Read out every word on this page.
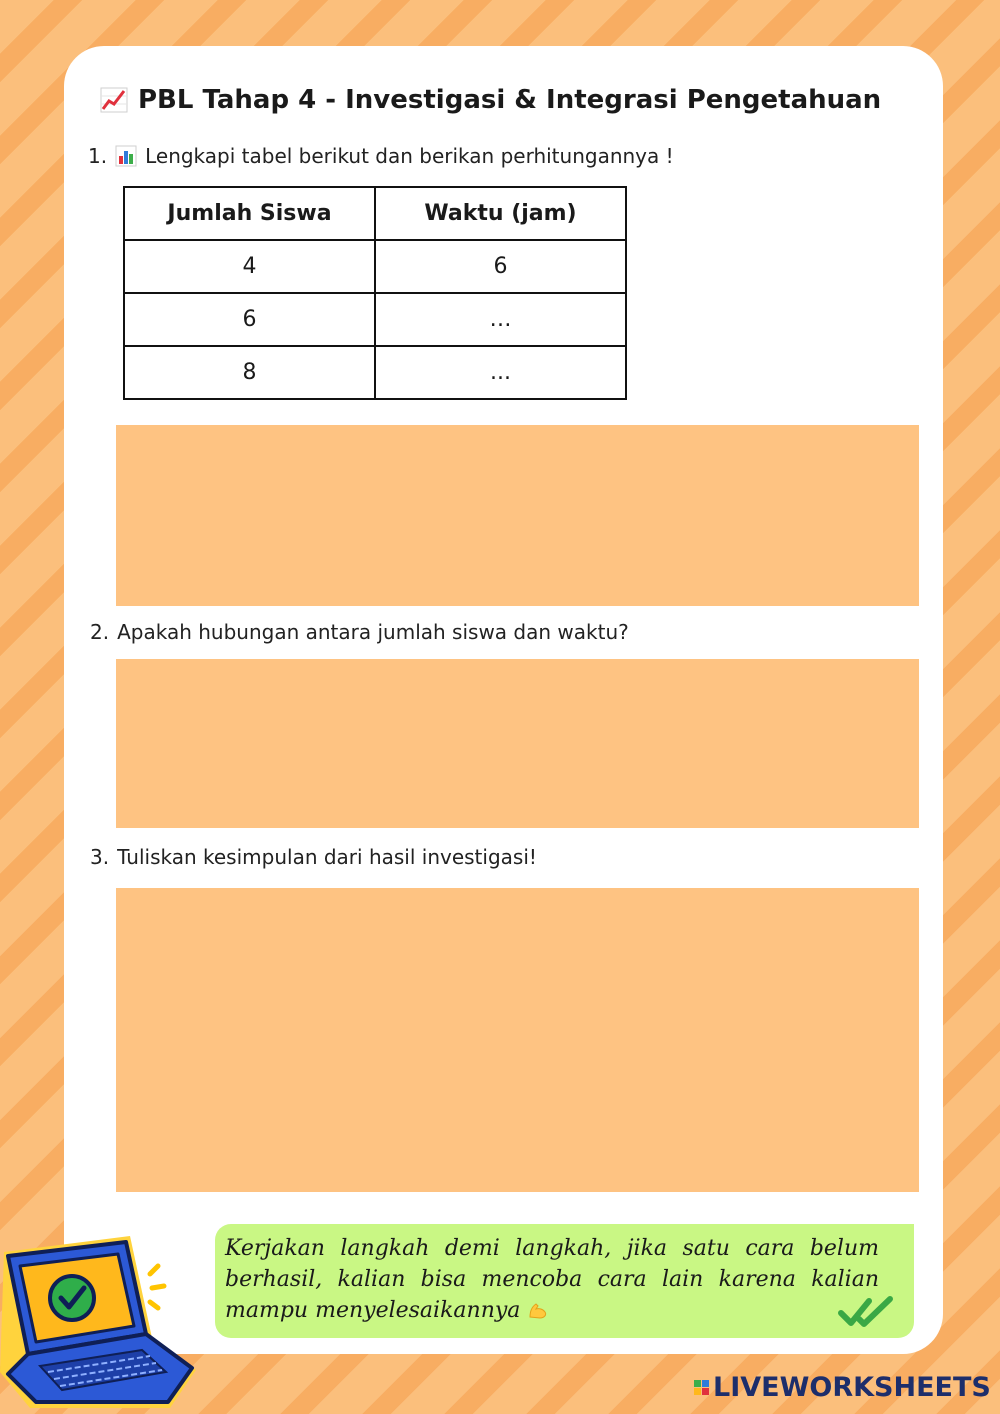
PBL Tahap 4 - Investigasi & Integrasi Pengetahuan
1. Lengkapi tabel berikut dan berikan perhitungannya !
Jumlah Siswa	Waktu (jam)
4	6
6	…
8	...
2. Apakah hubungan antara jumlah siswa dan waktu?
3. Tuliskan kesimpulan dari hasil investigasi!
Kerjakan langkah demi langkah, jika satu cara belum berhasil, kalian bisa mencoba cara lain karena kalian mampu menyelesaikannya
LIVEWORKSHEETS
